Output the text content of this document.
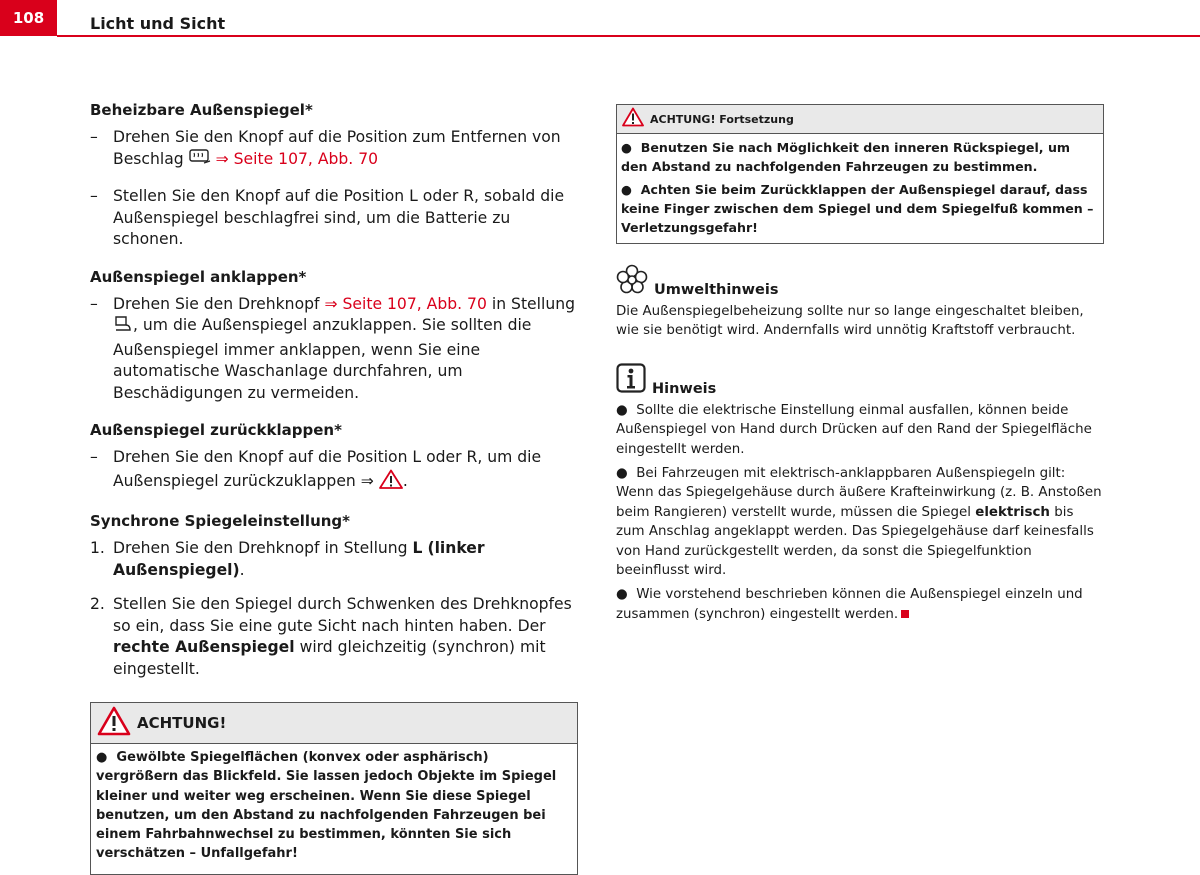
108	Licht und Sicht
Beheizbare Außenspiegel*
– Drehen Sie den Knopf auf die Position zum Entfernen von Beschlag ⇒ Seite 107, Abb. 70
– Stellen Sie den Knopf auf die Position L oder R, sobald die Außenspiegel beschlagfrei sind, um die Batterie zu schonen.
Außenspiegel anklappen*
– Drehen Sie den Drehknopf ⇒ Seite 107, Abb. 70 in Stellung, um die Außenspiegel anzuklappen. Sie sollten die Außenspiegel immer anklappen, wenn Sie eine automatische Waschanlage durchfahren, um Beschädigungen zu vermeiden.
Außenspiegel zurückklappen*
– Drehen Sie den Knopf auf die Position L oder R, um die Außenspiegel zurückzuklappen ⇒ .
Synchrone Spiegeleinstellung*
1. Drehen Sie den Drehknopf in Stellung L (linker Außenspiegel).
2. Stellen Sie den Spiegel durch Schwenken des Drehknopfes so ein, dass Sie eine gute Sicht nach hinten haben. Der rechte Außenspiegel wird gleichzeitig (synchron) mit eingestellt.
ACHTUNG!

● Gewölbte Spiegelflächen (konvex oder asphärisch) vergrößern das Blickfeld. Sie lassen jedoch Objekte im Spiegel kleiner und weiter weg erscheinen. Wenn Sie diese Spiegel benutzen, um den Abstand zu nachfolgenden Fahrzeugen bei einem Fahrbahnwechsel zu bestimmen, könnten Sie sich verschätzen – Unfallgefahr!

ACHTUNG! Fortsetzung

● Benutzen Sie nach Möglichkeit den inneren Rückspiegel, um den Abstand zu nachfolgenden Fahrzeugen zu bestimmen.

● Achten Sie beim Zurückklappen der Außenspiegel darauf, dass keine Finger zwischen dem Spiegel und dem Spiegelfuß kommen – Verletzungsgefahr!

Umwelthinweis
Die Außenspiegelbeheizung sollte nur so lange eingeschaltet bleiben, wie sie benötigt wird. Andernfalls wird unnötig Kraftstoff verbraucht.
Hinweis

● Sollte die elektrische Einstellung einmal ausfallen, können beide Außenspiegel von Hand durch Drücken auf den Rand der Spiegelfläche eingestellt werden.

● Bei Fahrzeugen mit elektrisch-anklappbaren Außenspiegeln gilt: Wenn das Spiegelgehäuse durch äußere Krafteinwirkung (z. B. Anstoßen beim Rangieren) verstellt wurde, müssen die Spiegel elektrisch bis zum Anschlag angeklappt werden. Das Spiegelgehäuse darf keinesfalls von Hand zurückgestellt werden, da sonst die Spiegelfunktion beeinflusst wird.

● Wie vorstehend beschrieben können die Außenspiegel einzeln und zusammen (synchron) eingestellt werden.
